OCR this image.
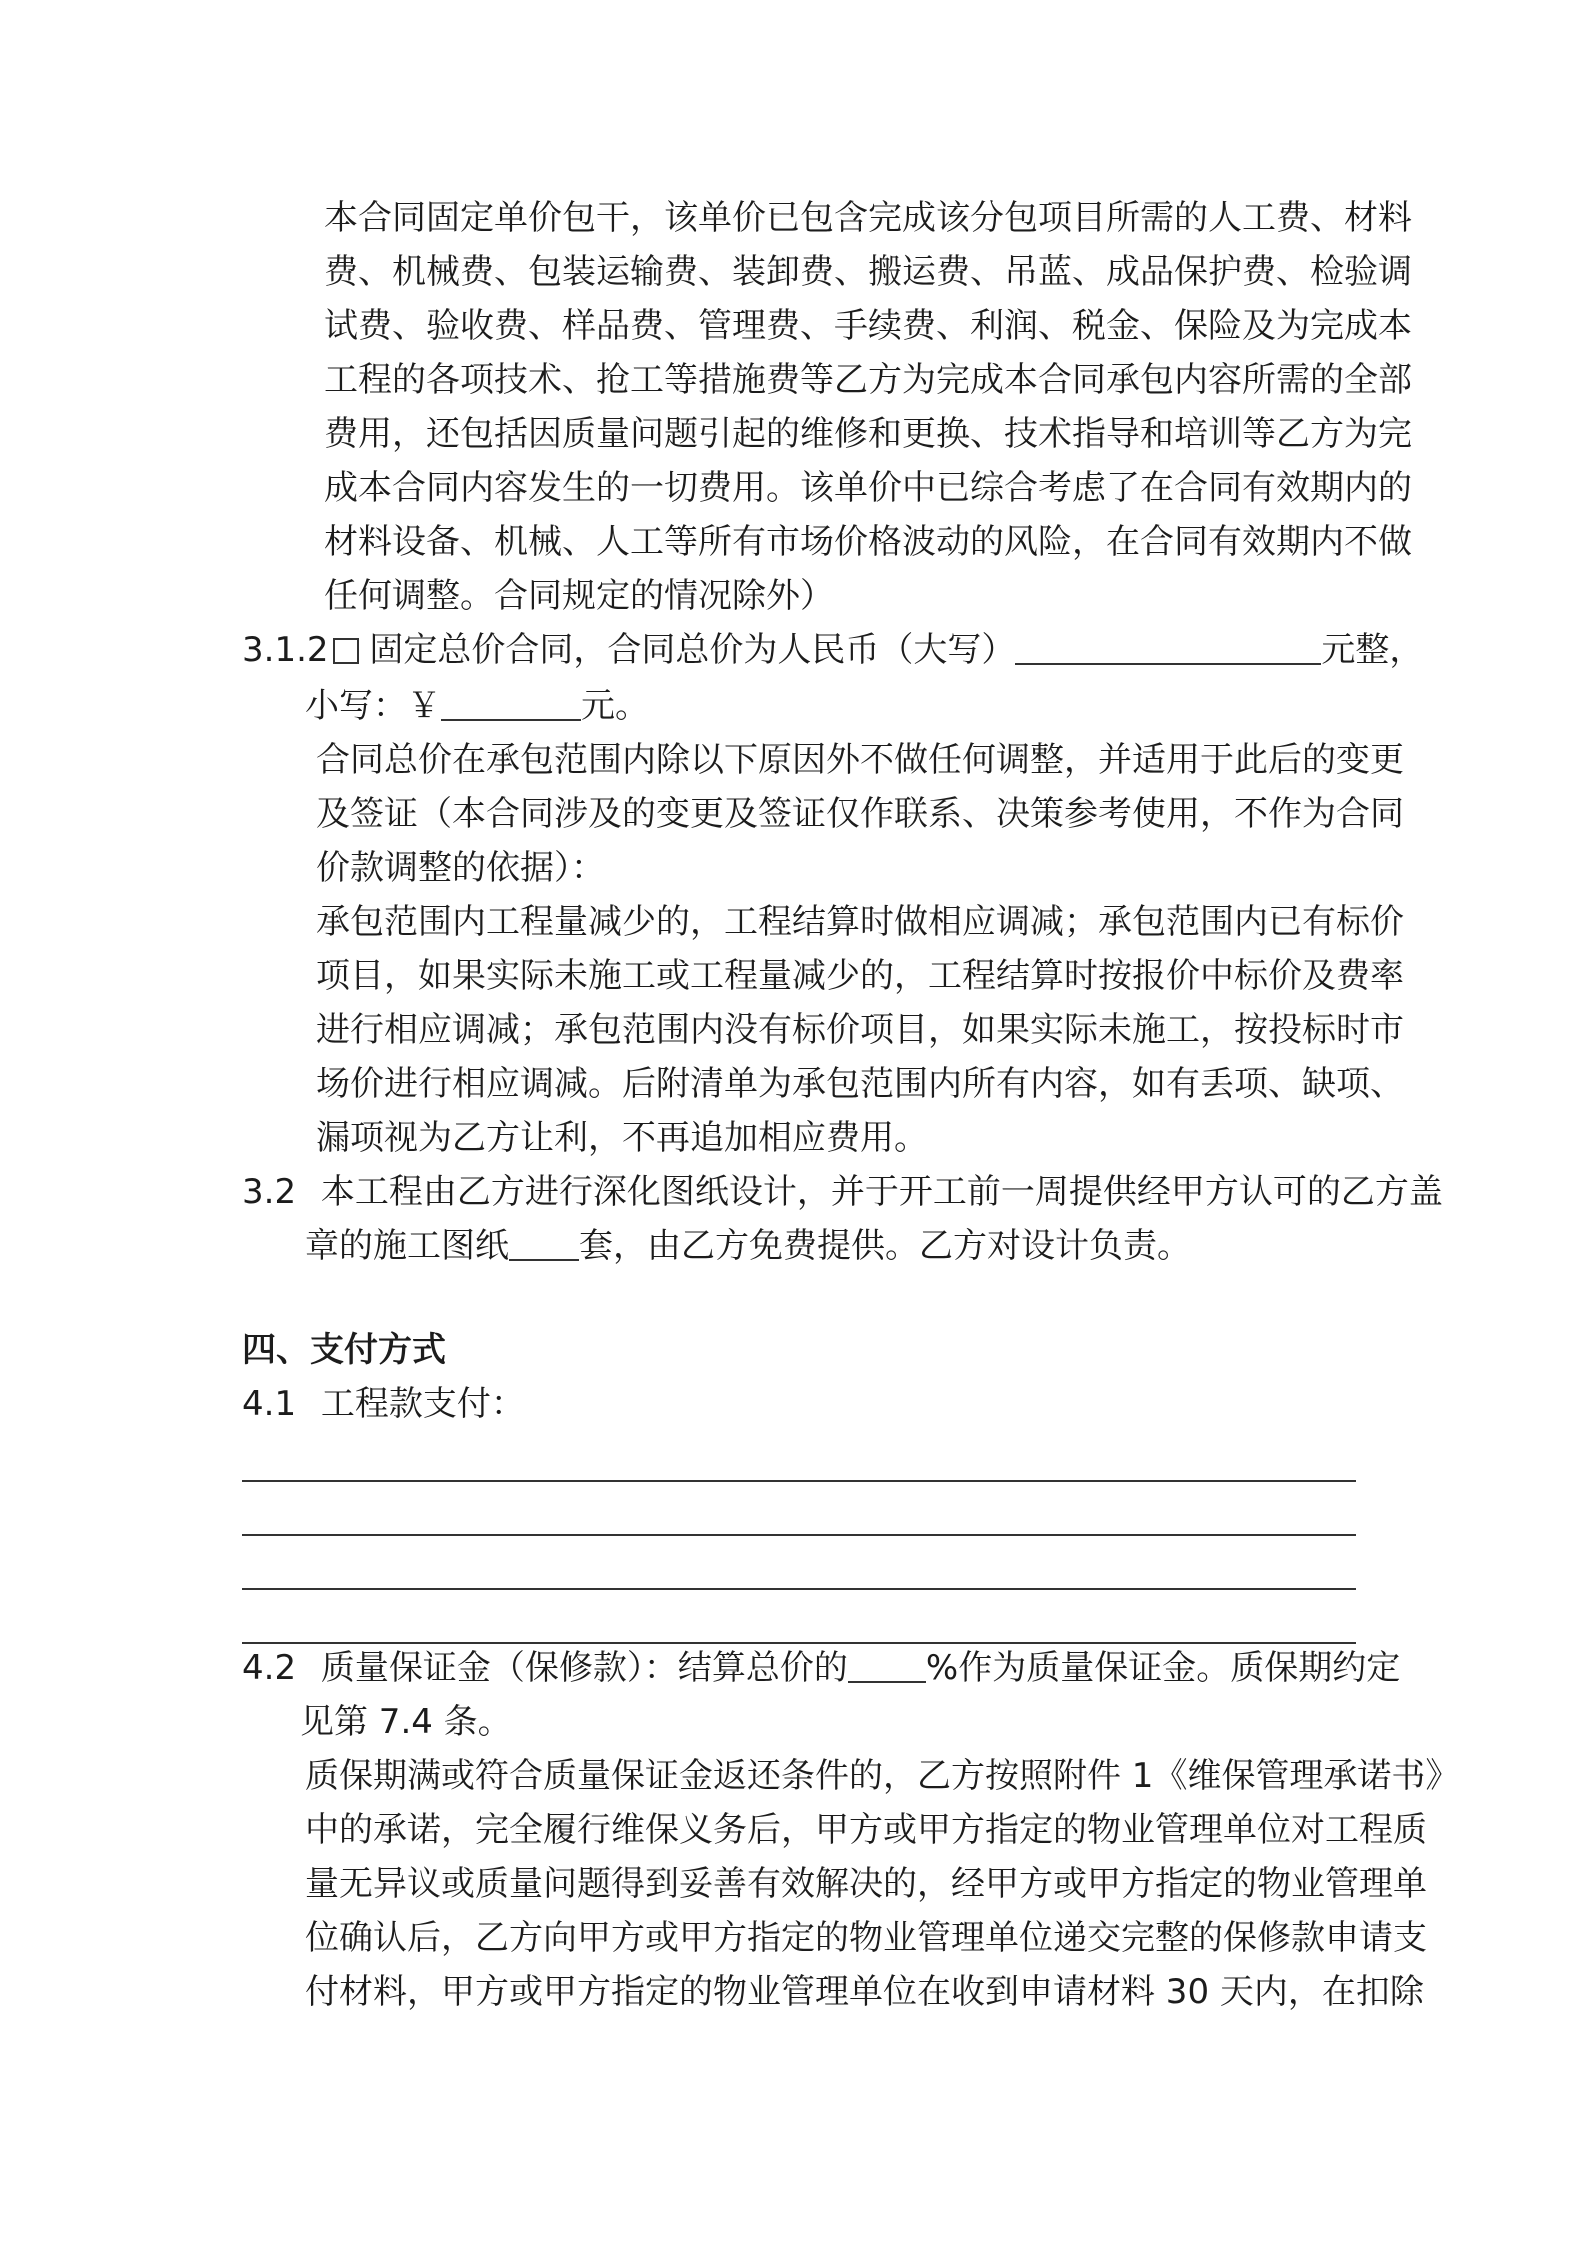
本合同固定单价包干，该单价已包含完成该分包项目所需的人工费、材料
费、机械费、包装运输费、装卸费、搬运费、吊蓝、成品保护费、检验调
试费、验收费、样品费、管理费、手续费、利润、税金、保险及为完成本
工程的各项技术、抢工等措施费等乙方为完成本合同承包内容所需的全部
费用，还包括因质量问题引起的维修和更换、技术指导和培训等乙方为完
成本合同内容发生的一切费用。该单价中已综合考虑了在合同有效期内的
材料设备、机械、人工等所有市场价格波动的风险，在合同有效期内不做
任何调整。合同规定的情况除外）
3.1.2 固定总价合同，合同总价为人民币（大写）	元整，
小写：￥	元。
合同总价在承包范围内除以下原因外不做任何调整，并适用于此后的变更
及签证（本合同涉及的变更及签证仅作联系、决策参考使用，不作为合同
价款调整的依据）：
承包范围内工程量减少的，工程结算时做相应调减；承包范围内已有标价
项目，如果实际未施工或工程量减少的，工程结算时按报价中标价及费率
进行相应调减；承包范围内没有标价项目，如果实际未施工，按投标时市
场价进行相应调减。后附清单为承包范围内所有内容，如有丢项、缺项、
漏项视为乙方让利，不再追加相应费用。
3.2 本工程由乙方进行深化图纸设计，并于开工前一周提供经甲方认可的乙方盖
章的施工图纸 套，由乙方免费提供。乙方对设计负责。
四、支付方式
4.1 工程款支付：
4.2 质量保证金（保修款）：结算总价的 %作为质量保证金。质保期约定
见第 7.4 条。
质保期满或符合质量保证金返还条件的，乙方按照附件 1《维保管理承诺书》
中的承诺，完全履行维保义务后，甲方或甲方指定的物业管理单位对工程质
量无异议或质量问题得到妥善有效解决的，经甲方或甲方指定的物业管理单
位确认后，乙方向甲方或甲方指定的物业管理单位递交完整的保修款申请支
付材料，甲方或甲方指定的物业管理单位在收到申请材料 30 天内，在扣除
